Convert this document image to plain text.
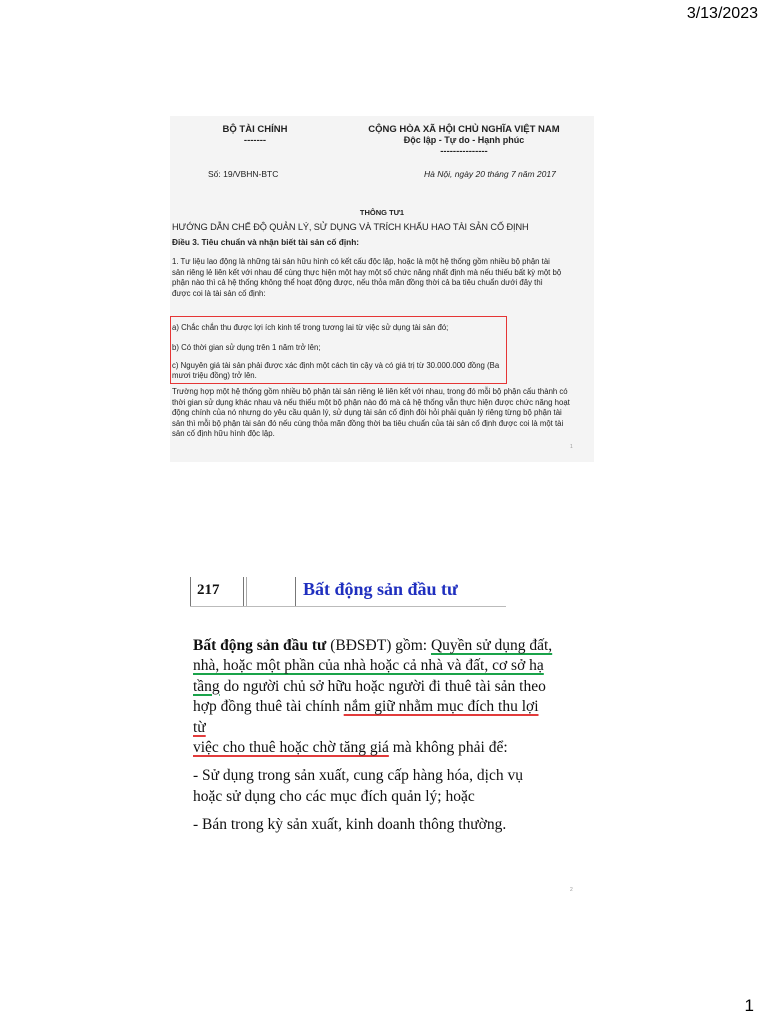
3/13/2023
BỘ TÀI CHÍNH
-------
CỘNG HÒA XÃ HỘI CHỦ NGHĨA VIỆT NAM
Độc lập - Tự do - Hạnh phúc
---------------
Số: 19/VBHN-BTC	Hà Nội, ngày 20 tháng 7 năm 2017
THÔNG TƯ1
HƯỚNG DẪN CHẾ ĐỘ QUẢN LÝ, SỬ DỤNG VÀ TRÍCH KHẤU HAO TÀI SẢN CỐ ĐỊNH
Điều 3. Tiêu chuẩn và nhận biết tài sản cố định:
1. Tư liệu lao động là những tài sản hữu hình có kết cấu độc lập, hoặc là một hệ thống gồm nhiều bộ phận tài sản riêng lẻ liên kết với nhau để cùng thực hiện một hay một số chức năng nhất định mà nếu thiếu bất kỳ một bộ phận nào thì cả hệ thống không thể hoạt động được, nếu thỏa mãn đồng thời cả ba tiêu chuẩn dưới đây thì được coi là tài sản cố định:
a) Chắc chắn thu được lợi ích kinh tế trong tương lai từ việc sử dụng tài sản đó;
b) Có thời gian sử dụng trên 1 năm trở lên;
c) Nguyên giá tài sản phải được xác định một cách tin cậy và có giá trị từ 30.000.000 đồng (Ba mươi triệu đồng) trở lên.
Trường hợp một hệ thống gồm nhiều bộ phận tài sản riêng lẻ liên kết với nhau, trong đó mỗi bộ phận cấu thành có thời gian sử dụng khác nhau và nếu thiếu một bộ phận nào đó mà cả hệ thống vẫn thực hiện được chức năng hoạt động chính của nó nhưng do yêu cầu quản lý, sử dụng tài sản cố định đòi hỏi phải quản lý riêng từng bộ phận tài sản thì mỗi bộ phận tài sản đó nếu cùng thỏa mãn đồng thời ba tiêu chuẩn của tài sản cố định được coi là một tài sản cố định hữu hình độc lập.
1
217	Bất động sản đầu tư

Bất động sản đầu tư (BĐSĐT) gồm: Quyền sử dụng đất,
nhà, hoặc một phần của nhà hoặc cả nhà và đất, cơ sở hạ
tầng do người chủ sở hữu hoặc người đi thuê tài sản theo
hợp đồng thuê tài chính nắm giữ nhằm mục đích thu lợi từ
việc cho thuê hoặc chờ tăng giá mà không phải để:

- Sử dụng trong sản xuất, cung cấp hàng hóa, dịch vụ hoặc sử dụng cho các mục đích quản lý; hoặc

- Bán trong kỳ sản xuất, kinh doanh thông thường.

2
1
